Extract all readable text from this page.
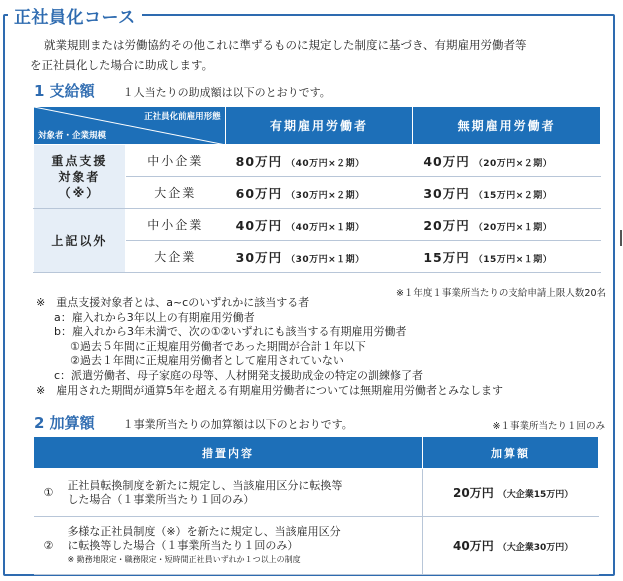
正社員化コース
就業規則または労働協約その他これに準ずるものに規定した制度に基づき、有期雇用労働者等
を正社員化した場合に助成します。
1 支給額	１人当たりの助成額は以下のとおりです。
正社員化前雇用形態
対象者・企業規模		有期雇用労働者	無期雇用労働者

重点支援
対象者
（※）	中小企業	80万円 （40万円×２期）	40万円 （20万円×２期）
	大企業	60万円 （30万円×２期）	30万円 （15万円×２期）
上記以外	中小企業	40万円 （40万円×１期）	20万円 （20万円×１期）
	大企業	30万円 （30万円×１期）	15万円 （15万円×１期）
※１年度１事業所当たりの支給申請上限人数20名
※　重点支援対象者とは、a~cのいずれかに該当する者
a：雇入れから3年以上の有期雇用労働者
b：雇入れから3年未満で、次の①②いずれにも該当する有期雇用労働者
①過去５年間に正規雇用労働者であった期間が合計１年以下
②過去１年間に正規雇用労働者として雇用されていない
c：派遣労働者、母子家庭の母等、人材開発支援助成金の特定の訓練修了者
※　雇用された期間が通算5年を超える有期雇用労働者については無期雇用労働者とみなします
2 加算額	１事業所当たりの加算額は以下のとおりです。	※１事業所当たり１回のみ
措置内容		加算額
①	正社員転換制度を新たに規定し、当該雇用区分に転換等
した場合（１事業所当たり１回のみ）	20万円 （大企業15万円）
②	多様な正社員制度（※）を新たに規定し、当該雇用区分
に転換等した場合（１事業所当たり１回のみ）
※ 勤務地限定・職務限定・短時間正社員いずれか１つ以上の制度	40万円 （大企業30万円）
